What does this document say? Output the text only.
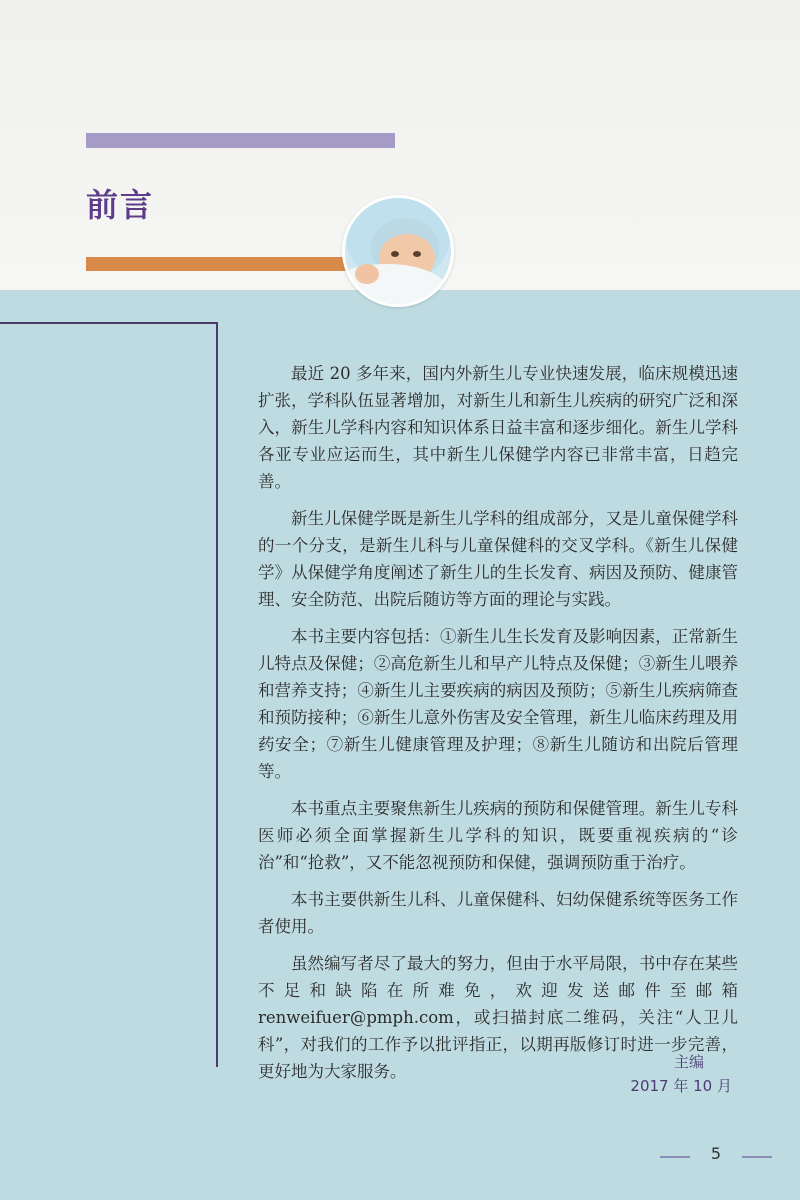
前言

最近 20 多年来，国内外新生儿专业快速发展，临床规模迅速扩张，学科队伍显著增加，对新生儿和新生儿疾病的研究广泛和深入，新生儿学科内容和知识体系日益丰富和逐步细化。新生儿学科各亚专业应运而生，其中新生儿保健学内容已非常丰富，日趋完善。

新生儿保健学既是新生儿学科的组成部分，又是儿童保健学科的一个分支，是新生儿科与儿童保健科的交叉学科。《新生儿保健学》从保健学角度阐述了新生儿的生长发育、病因及预防、健康管理、安全防范、出院后随访等方面的理论与实践。

本书主要内容包括：①新生儿生长发育及影响因素，正常新生儿特点及保健；②高危新生儿和早产儿特点及保健；③新生儿喂养和营养支持；④新生儿主要疾病的病因及预防；⑤新生儿疾病筛查和预防接种；⑥新生儿意外伤害及安全管理，新生儿临床药理及用药安全；⑦新生儿健康管理及护理；⑧新生儿随访和出院后管理等。

本书重点主要聚焦新生儿疾病的预防和保健管理。新生儿专科医师必须全面掌握新生儿学科的知识，既要重视疾病的“诊治”和“抢救”，又不能忽视预防和保健，强调预防重于治疗。

本书主要供新生儿科、儿童保健科、妇幼保健系统等医务工作者使用。

虽然编写者尽了最大的努力，但由于水平局限，书中存在某些不足和缺陷在所难免，欢迎发送邮件至邮箱 renweifuer@pmph.com，或扫描封底二维码，关注“人卫儿科”，对我们的工作予以批评指正，以期再版修订时进一步完善，更好地为大家服务。	主编
2017 年 10 月
5
